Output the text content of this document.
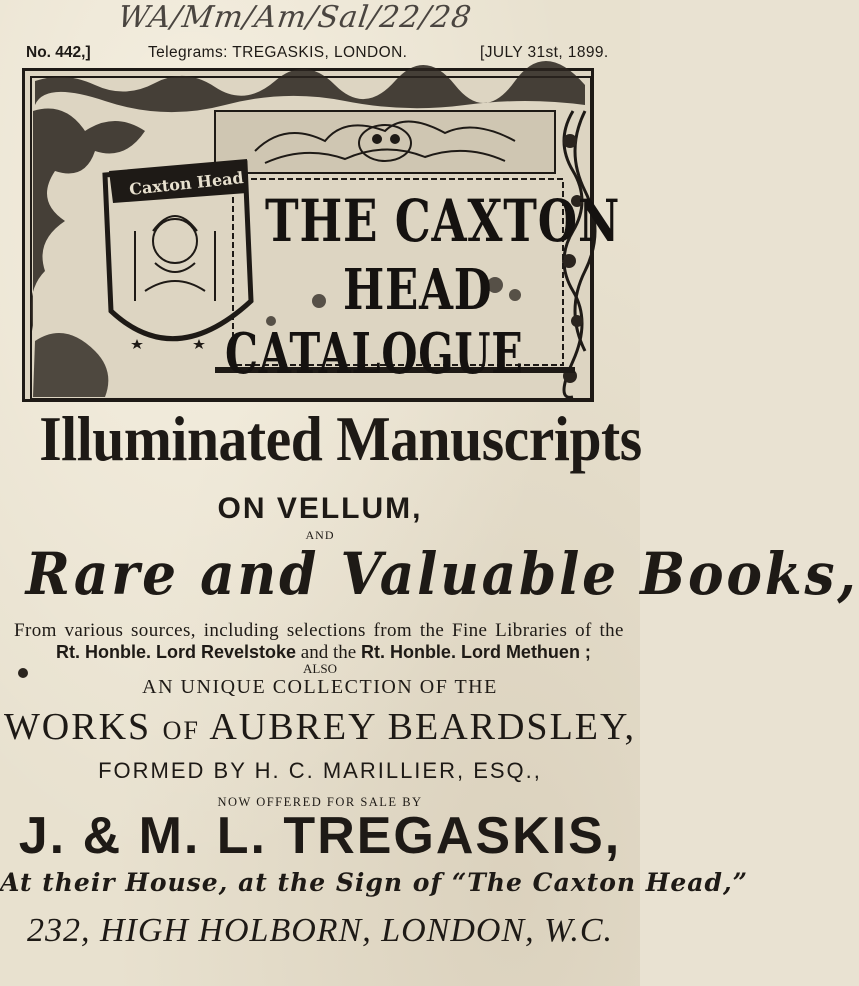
WA/Mm/Am/Sal/22/28
No. 442,]	Telegrams: TREGASKIS, LONDON.	[JULY 31st, 1899.
Caxton Head
THE CAXTON
HEAD
CATALOGUE
Illuminated Manuscripts
ON VELLUM,
AND
Rare and Valuable Books,
From various sources, including selections from the Fine Libraries of the
Rt. Honble. Lord Revelstoke and the Rt. Honble. Lord Methuen ;
ALSO
AN UNIQUE COLLECTION OF THE
WORKS OF AUBREY BEARDSLEY,
FORMED BY H. C. MARILLIER, ESQ.,
NOW OFFERED FOR SALE BY
J. & M. L. TREGASKIS,
At their House, at the Sign of “The Caxton Head,”
232, HIGH HOLBORN, LONDON, W.C.
